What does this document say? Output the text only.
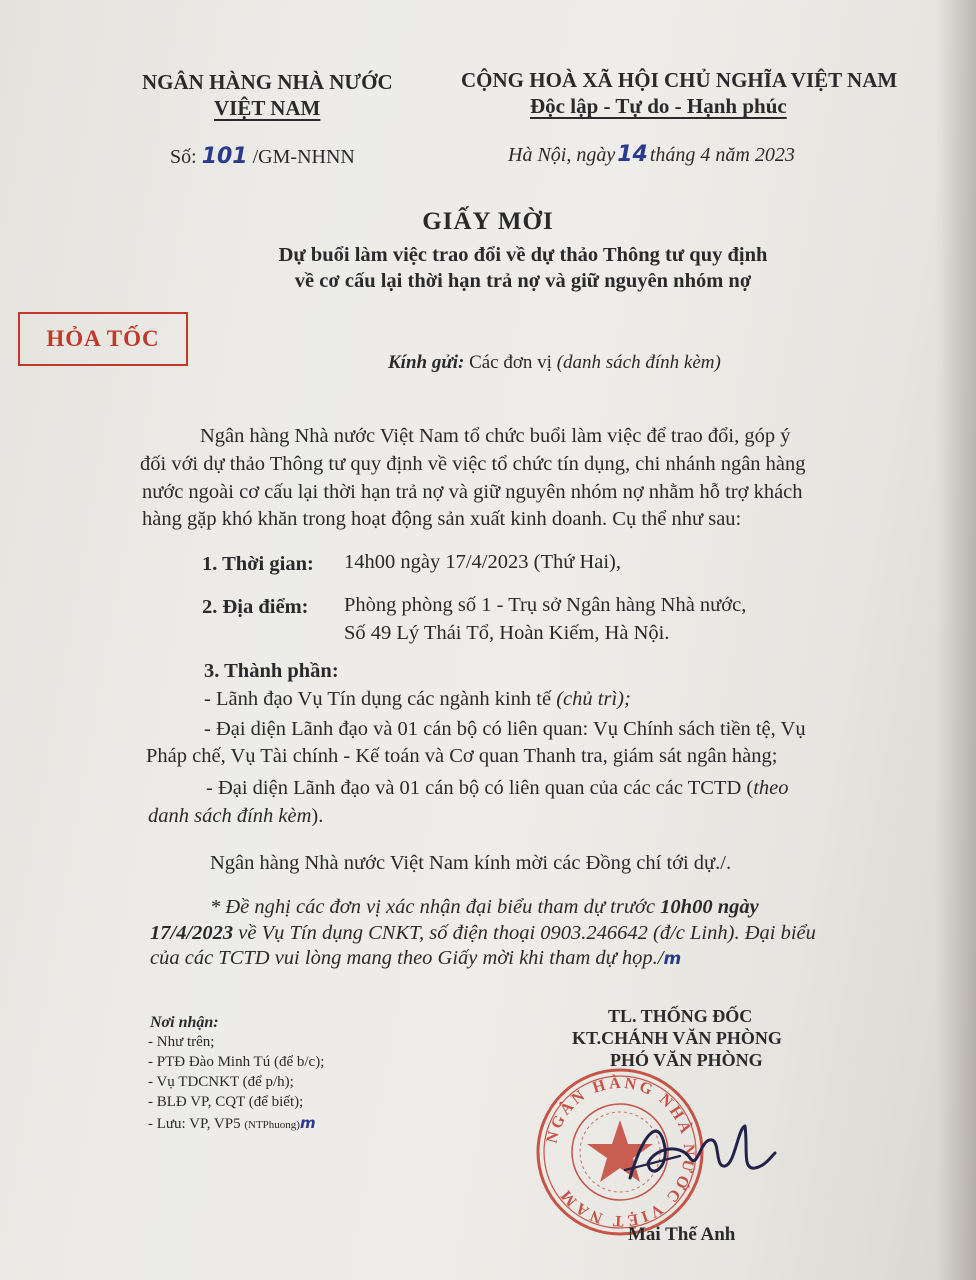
NGÂN HÀNG NHÀ NƯỚC
VIỆT NAM
Số: 101 /GM-NHNN
CỘNG HOÀ XÃ HỘI CHỦ NGHĨA VIỆT NAM
Độc lập - Tự do - Hạnh phúc
Hà Nội, ngày14 tháng 4 năm 2023
GIẤY MỜI
Dự buổi làm việc trao đổi về dự thảo Thông tư quy định
về cơ cấu lại thời hạn trả nợ và giữ nguyên nhóm nợ
HỎA TỐC
Kính gửi: Các đơn vị (danh sách đính kèm)
Ngân hàng Nhà nước Việt Nam tổ chức buổi làm việc để trao đổi, góp ý
đối với dự thảo Thông tư quy định về việc tổ chức tín dụng, chi nhánh ngân hàng
nước ngoài cơ cấu lại thời hạn trả nợ và giữ nguyên nhóm nợ nhằm hỗ trợ khách
hàng gặp khó khăn trong hoạt động sản xuất kinh doanh. Cụ thể như sau:
1. Thời gian: 14h00 ngày 17/4/2023 (Thứ Hai),
2. Địa điểm: Phòng phòng số 1 - Trụ sở Ngân hàng Nhà nước,
Số 49 Lý Thái Tổ, Hoàn Kiếm, Hà Nội.
3. Thành phần:
- Lãnh đạo Vụ Tín dụng các ngành kinh tế (chủ trì);
- Đại diện Lãnh đạo và 01 cán bộ có liên quan: Vụ Chính sách tiền tệ, Vụ
Pháp chế, Vụ Tài chính - Kế toán và Cơ quan Thanh tra, giám sát ngân hàng;
- Đại diện Lãnh đạo và 01 cán bộ có liên quan của các các TCTD (theo
danh sách đính kèm).
Ngân hàng Nhà nước Việt Nam kính mời các Đồng chí tới dự./.
* Đề nghị các đơn vị xác nhận đại biểu tham dự trước 10h00 ngày
17/4/2023 về Vụ Tín dụng CNKT, số điện thoại 0903.246642 (đ/c Linh). Đại biểu
của các TCTD vui lòng mang theo Giấy mời khi tham dự họp./m
Nơi nhận:
- Như trên;
- PTĐ Đào Minh Tú (để b/c);
- Vụ TDCNKT (để p/h);
- BLĐ VP, CQT (để biết);
- Lưu: VP, VP5 (NTPhuong)m
TL. THỐNG ĐỐC
KT.CHÁNH VĂN PHÒNG
PHÓ VĂN PHÒNG
NGÂN HÀNG NHÀ NƯỚC VIỆT NAM
Mai Thế Anh
